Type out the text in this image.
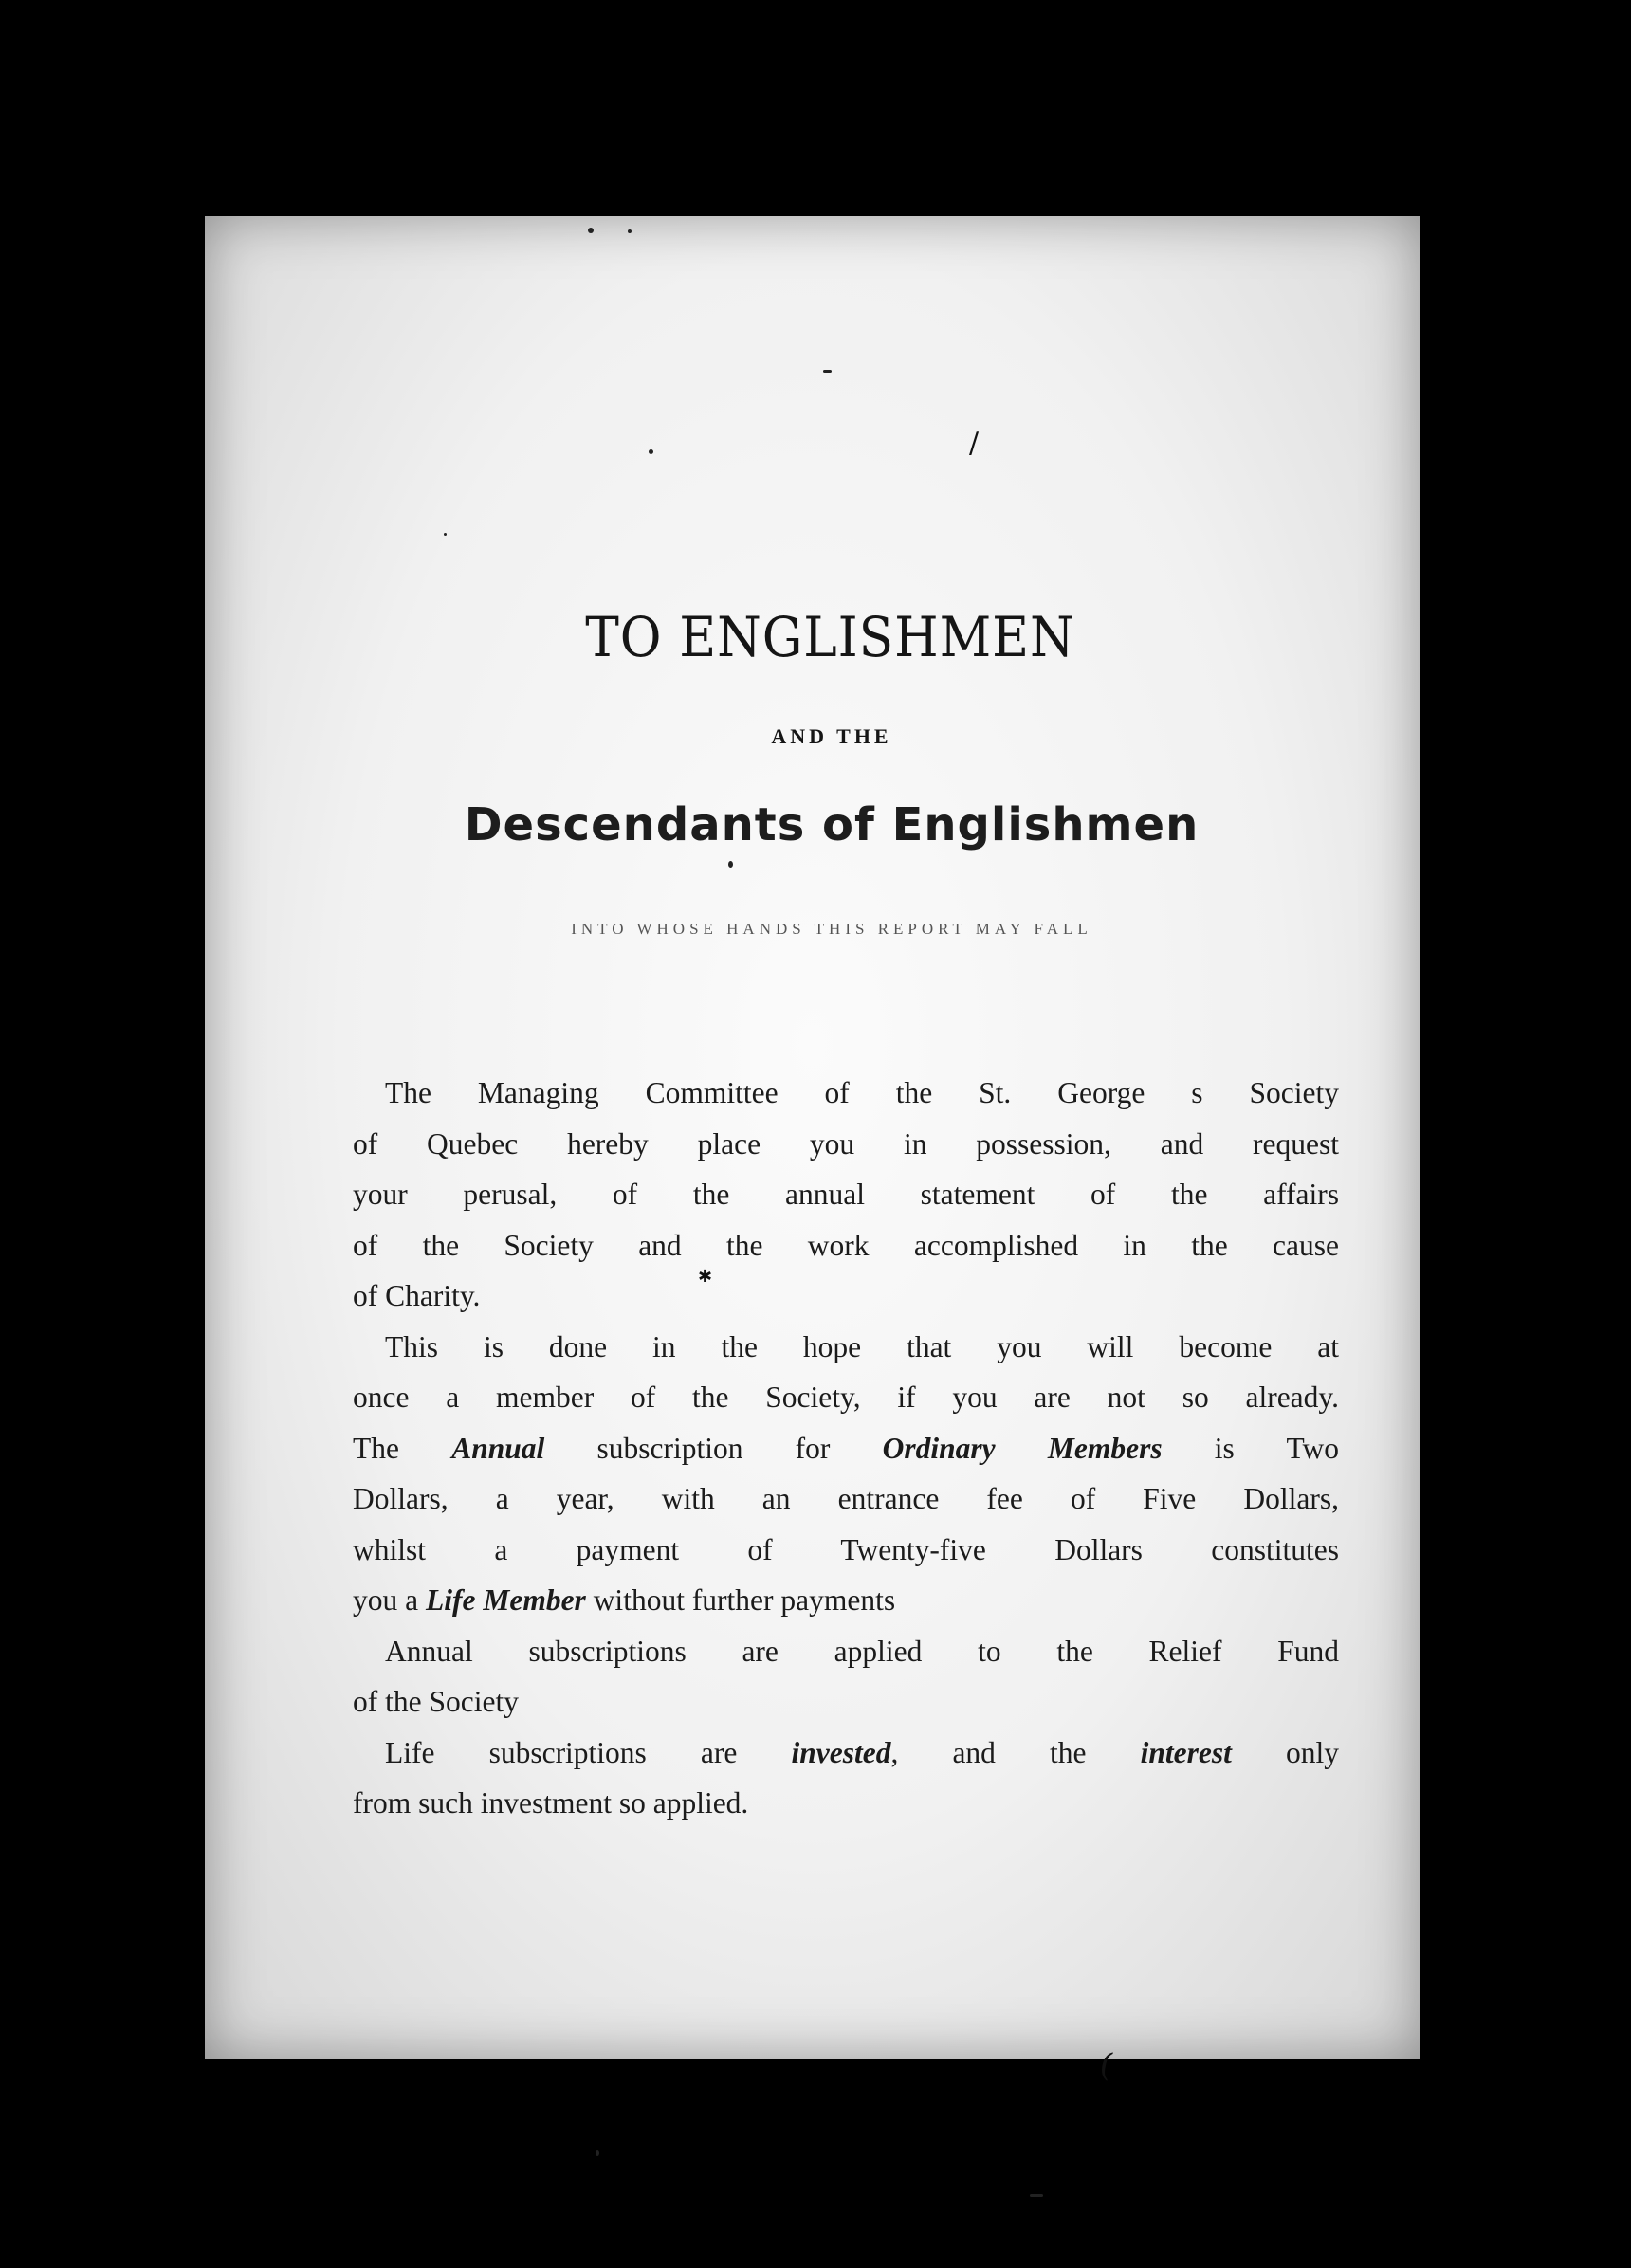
/
(
✱
TO ENGLISHMEN
AND THE
Descendants of Englishmen
INTO WHOSE HANDS THIS REPORT MAY FALL

The Managing Committee of the St. George s Society

of Quebec hereby place you in possession, and request

your perusal, of the annual statement of the affairs

of the Society and the work accomplished in the cause

of Charity.

This is done in the hope that you will become at

once a member of the Society, if you are not so already.

The Annual subscription for Ordinary Members is Two

Dollars, a year, with an entrance fee of Five Dollars,

whilst a payment of Twenty-five Dollars constitutes

you a Life Member without further payments

Annual subscriptions are applied to the Relief Fund

of the Society

Life subscriptions are invested, and the interest only

from such investment so applied.
